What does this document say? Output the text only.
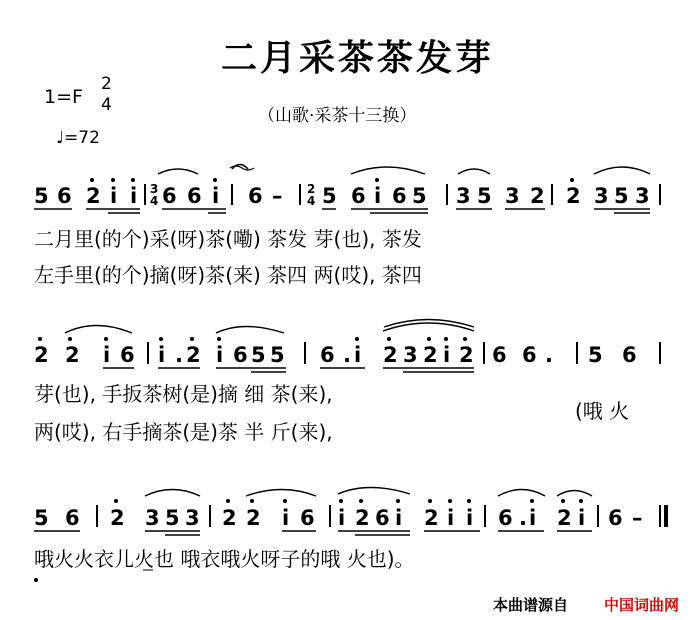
二月采茶茶发芽
（山歌·采茶十三换）
1=F
2
4
♩=72
二月里(的个)采(呀)茶(嘞) 茶发 芽(也), 茶发
左手里(的个)摘(呀)茶(来) 茶四 两(哎), 茶四
芽(也), 手扳茶树(是)摘 细 茶(来),
两(哎), 右手摘茶(是)茶 半 斤(来),
(哦 火
哦火火衣儿火也 哦衣哦火呀子的哦 火也)。
本曲谱源自 中国词曲网
5 6 2 i i 3
4 6 6 i 6 – 2
4 5 6 i 6 5 3 5 3 2 2 3 5 3
2 2 i 6 i . 2 i 6 5 5 6 . i 2 3 2 i 2 6 6 . 5 6
5 6 2 3 5 3 2 2 i 6 i 2 6 i 2 i i 6 . i 2 i 6 –
